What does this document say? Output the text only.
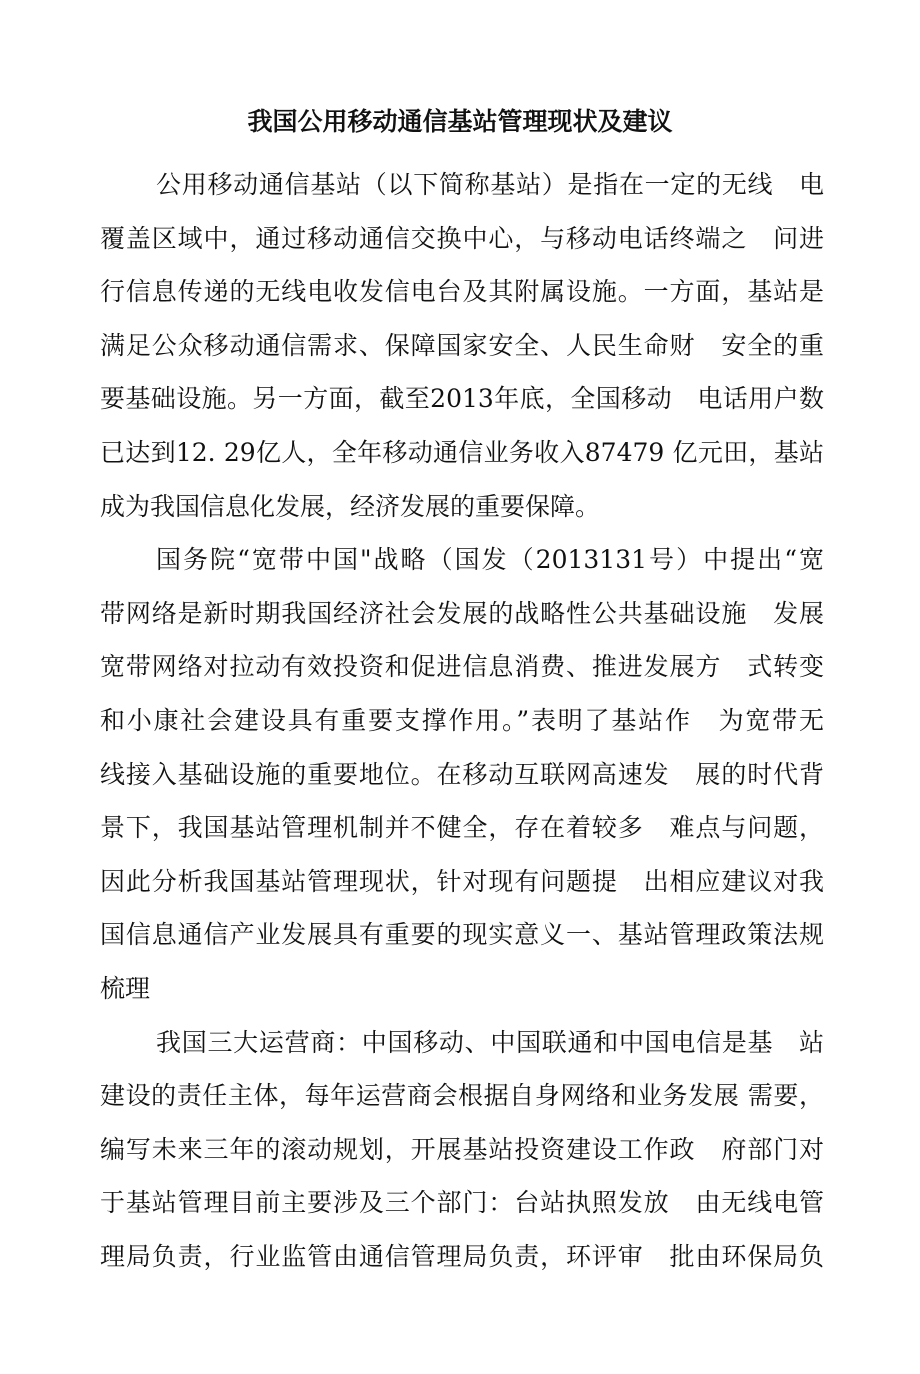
我国公用移动通信基站管理现状及建议
公用移动通信基站（以下简称基站）是指在一定的无线　电
覆盖区域中，通过移动通信交换中心，与移动电话终端之　问进
行信息传递的无线电收发信电台及其附属设施。一方面，基站是
满足公众移动通信需求、保障国家安全、人民生命财　安全的重
要基础设施。另一方面，截至2013年底，全国移动　电话用户数
已达到12. 29亿人，全年移动通信业务收入87479 亿元田，基站
成为我国信息化发展，经济发展的重要保障。
国务院“宽带中国"战略（国发（2013131号）中提出“宽
带网络是新时期我国经济社会发展的战略性公共基础设施　发展
宽带网络对拉动有效投资和促进信息消费、推进发展方　式转变
和小康社会建设具有重要支撑作用。”表明了基站作　为宽带无
线接入基础设施的重要地位。在移动互联网高速发　展的时代背
景下，我国基站管理机制并不健全，存在着较多　难点与问题，
因此分析我国基站管理现状，针对现有问题提　出相应建议对我
国信息通信产业发展具有重要的现实意义一、基站管理政策法规
梳理
我国三大运营商：中国移动、中国联通和中国电信是基　站
建设的责任主体，每年运营商会根据自身网络和业务发展 需要，
编写未来三年的滚动规划，开展基站投资建设工作政　府部门对
于基站管理目前主要涉及三个部门：台站执照发放　由无线电管
理局负责，行业监管由通信管理局负责，环评审　批由环保局负
